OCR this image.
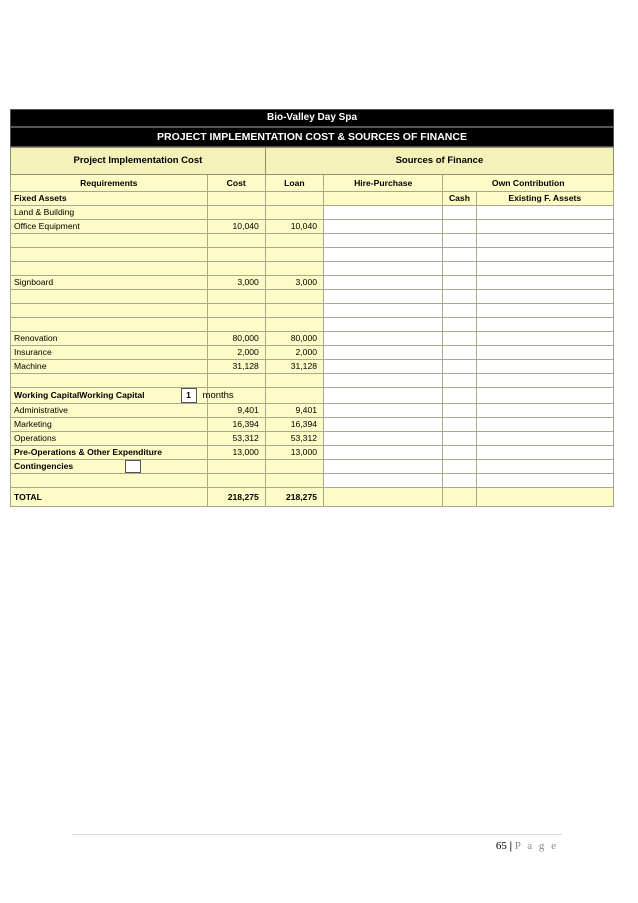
Bio-Valley Day Spa
PROJECT IMPLEMENTATION COST & SOURCES OF FINANCE
Project Implementation Cost		Sources of Finance			
Requirements	Cost	Loan	Hire-Purchase	Own Contribution	
Fixed Assets				Cash	Existing F. Assets
Land & Building					
Office Equipment	10,040	10,040			

Signboard	3,000	3,000			

Renovation	80,000	80,000			
Insurance	2,000	2,000			
Machine	31,128	31,128			

Working CapitalWorking Capital 1 months					
Administrative	9,401	9,401			
Marketing	16,394	16,394			
Operations	53,312	53,312			
Pre-Operations & Other Expenditure	13,000	13,000			
Contingencies					

TOTAL	218,275	218,275			
65 | P a g e
